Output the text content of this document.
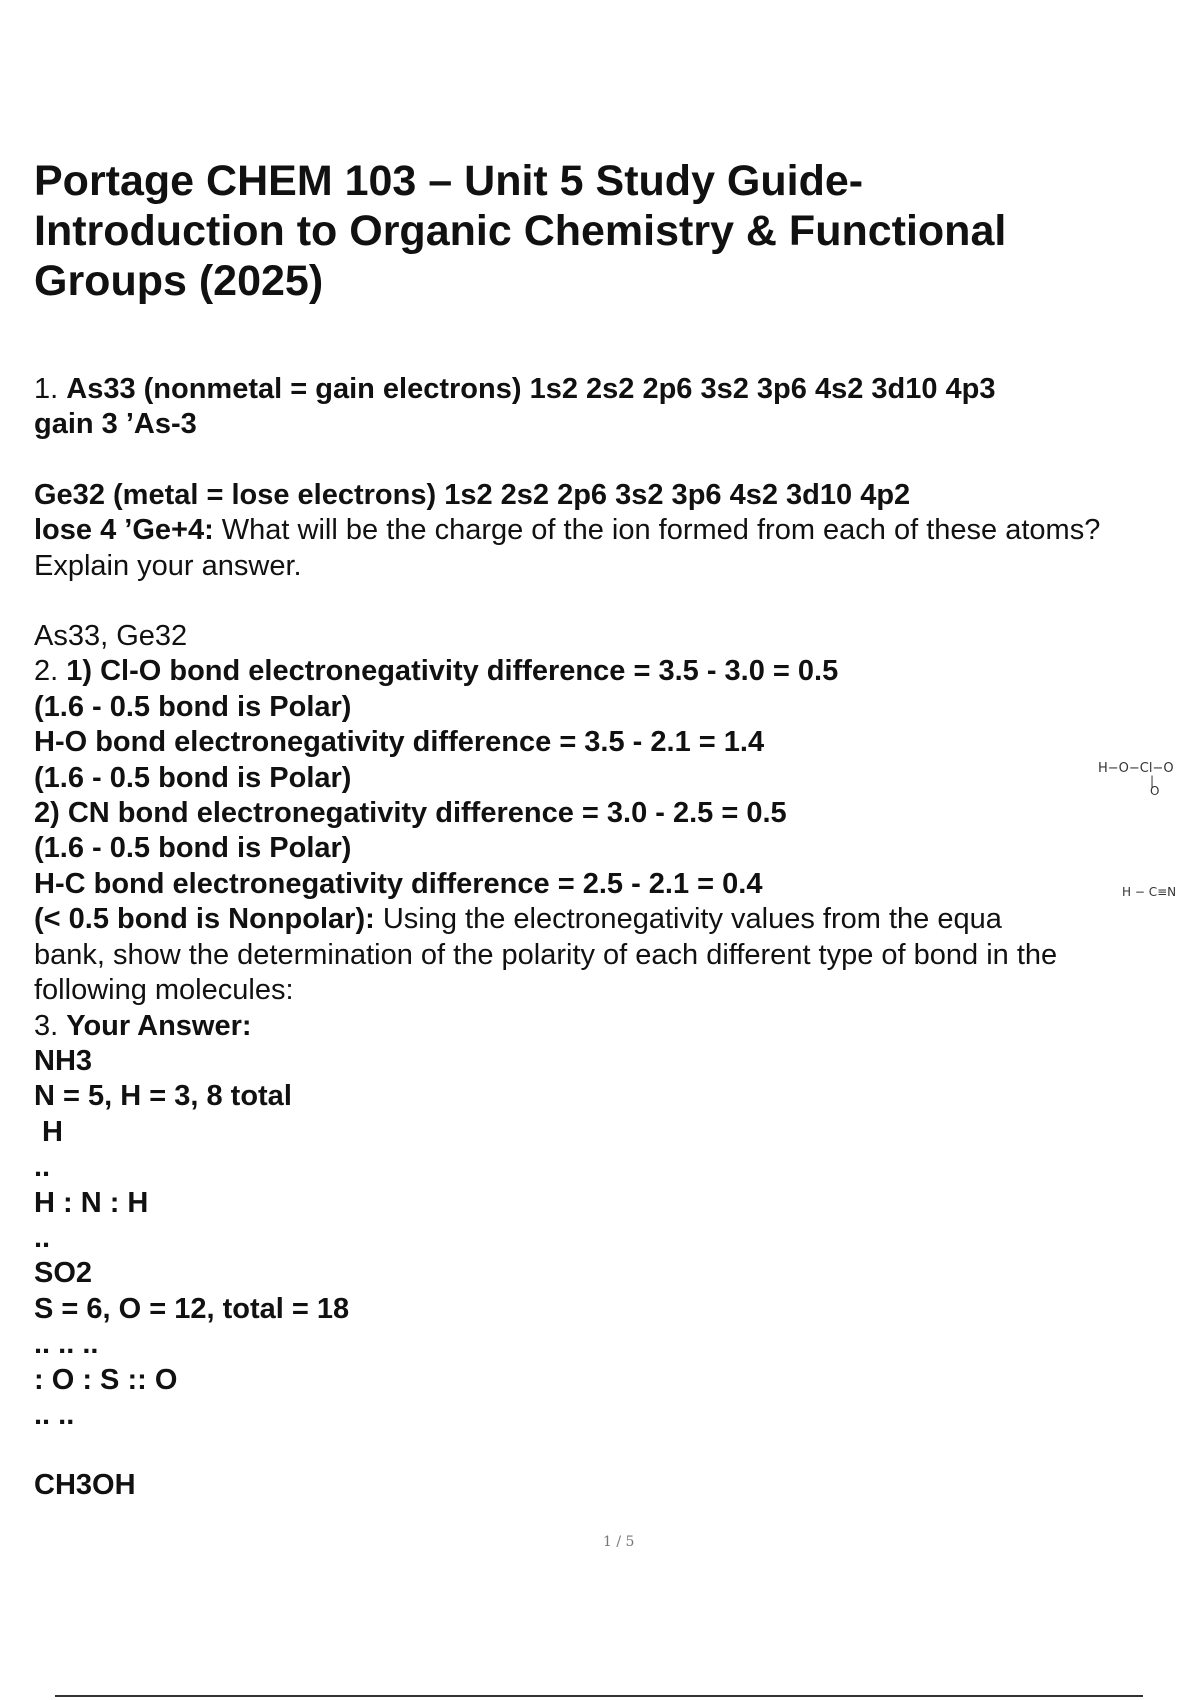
Portage CHEM 103 – Unit 5 Study Guide-
Introduction to Organic Chemistry & Functional
Groups (2025)
1. As33 (nonmetal = gain electrons) 1s2 2s2 2p6 3s2 3p6 4s2 3d10 4p3
gain 3 ’As-3
Ge32 (metal = lose electrons) 1s2 2s2 2p6 3s2 3p6 4s2 3d10 4p2
lose 4 ’Ge+4: What will be the charge of the ion formed from each of these atoms?
Explain your answer.
As33, Ge32
2. 1) Cl-O bond electronegativity difference = 3.5 - 3.0 = 0.5
(1.6 - 0.5 bond is Polar)
H-O bond electronegativity difference = 3.5 - 2.1 = 1.4
(1.6 - 0.5 bond is Polar)
2) CN bond electronegativity difference = 3.0 - 2.5 = 0.5
(1.6 - 0.5 bond is Polar)
H-C bond electronegativity difference = 2.5 - 2.1 = 0.4
(< 0.5 bond is Nonpolar): Using the electronegativity values from the equa
bank, show the determination of the polarity of each different type of bond in the
following molecules:
3. Your Answer:
NH3
N = 5, H = 3, 8 total
H
..
H : N : H
..
SO2
S = 6, O = 12, total = 18
.. .. ..
: O : S :: O
.. ..
CH3OH
H−O−Cl−O
|
O
H − C≡N
1 / 5
